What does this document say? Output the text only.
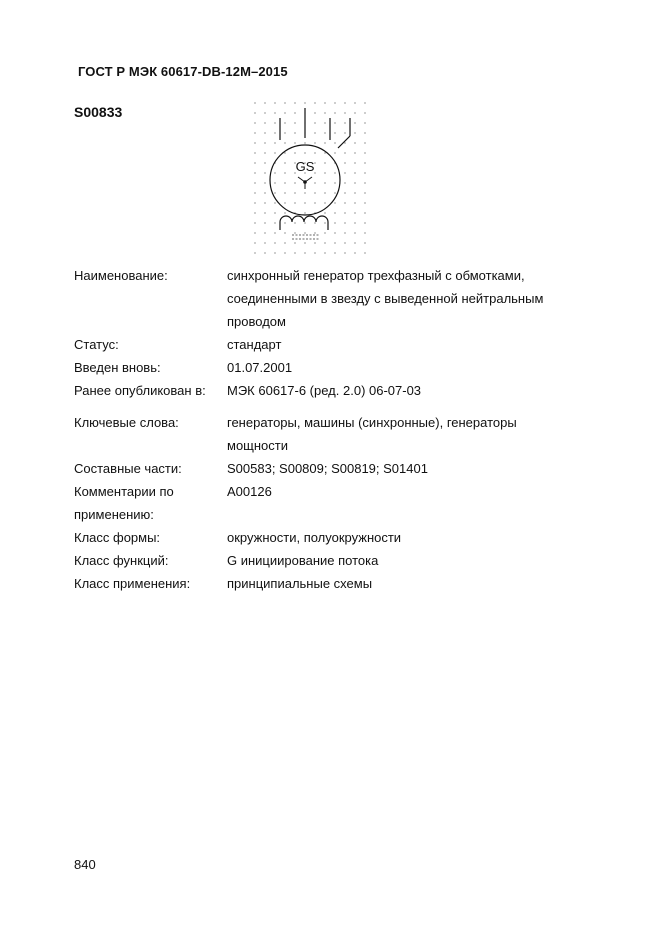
ГОСТ Р МЭК 60617-DB-12M–2015
S00833
GS
Наименование:	синхронный генератор трехфазный с обмотками,
соединенными в звезду с выведенной нейтральным
проводом
Статус:	стандарт
Введен вновь:	01.07.2001
Ранее опубликован в:	МЭК 60617-6 (ред. 2.0) 06-07-03
Ключевые слова:	генераторы, машины (синхронные), генераторы
мощности
Составные части:	S00583; S00809; S00819; S01401
Комментарии по
применению:
A00126
Класс формы:	окружности, полуокружности
Класс функций:	G инициирование потока
Класс применения:	принципиальные схемы
840
